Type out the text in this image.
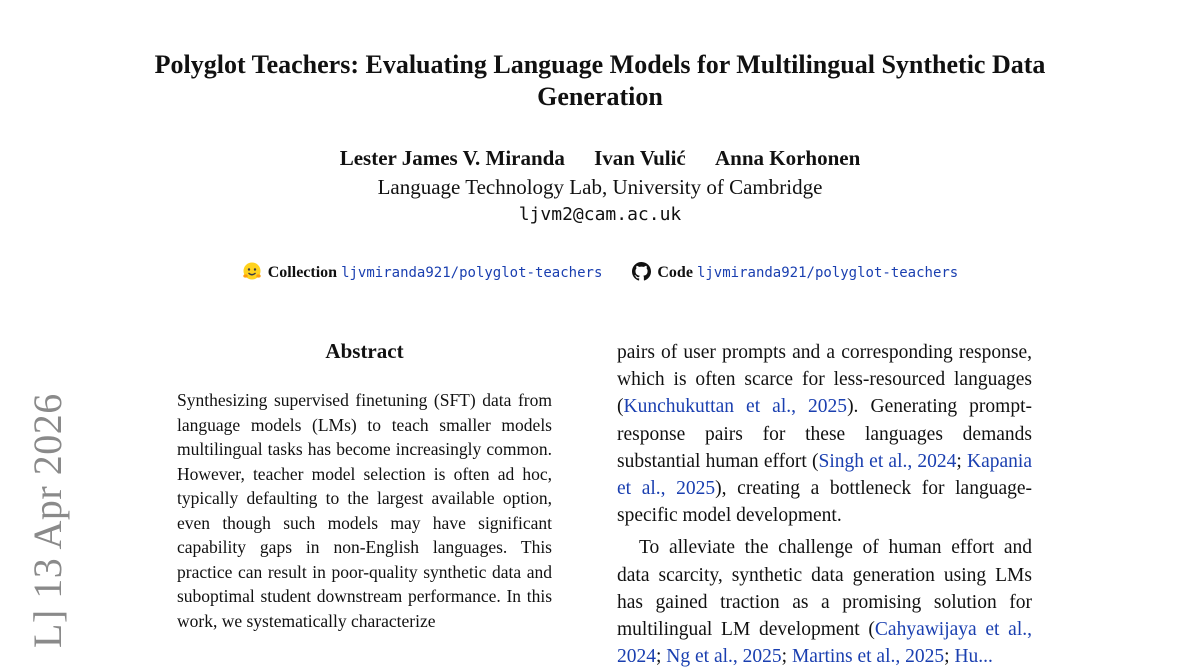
L] 13 Apr 2026
Polyglot Teachers: Evaluating Language Models for Multilingual Synthetic Data Generation
Lester James V. Miranda Ivan Vulić Anna Korhonen
Language Technology Lab, University of Cambridge
ljvm2@cam.ac.uk
Collection ljvmiranda921/polyglot-teachers	Code ljvmiranda921/polyglot-teachers
Abstract
Synthesizing supervised finetuning (SFT) data from language models (LMs) to teach smaller models multilingual tasks has become increasingly common. However, teacher model selection is often ad hoc, typically defaulting to the largest available option, even though such models may have significant capability gaps in non-English languages. This practice can result in poor-quality synthetic data and suboptimal student downstream performance. In this work, we systematically characterize

pairs of user prompts and a corresponding response, which is often scarce for less-resourced languages (Kunchukuttan et al., 2025). Generating prompt-response pairs for these languages demands substantial human effort (Singh et al., 2024; Kapania et al., 2025), creating a bottleneck for language-specific model development.

To alleviate the challenge of human effort and data scarcity, synthetic data generation using LMs has gained traction as a promising solution for multilingual LM development (Cahyawijaya et al., 2024; Ng et al., 2025; Martins et al., 2025; Hu...
